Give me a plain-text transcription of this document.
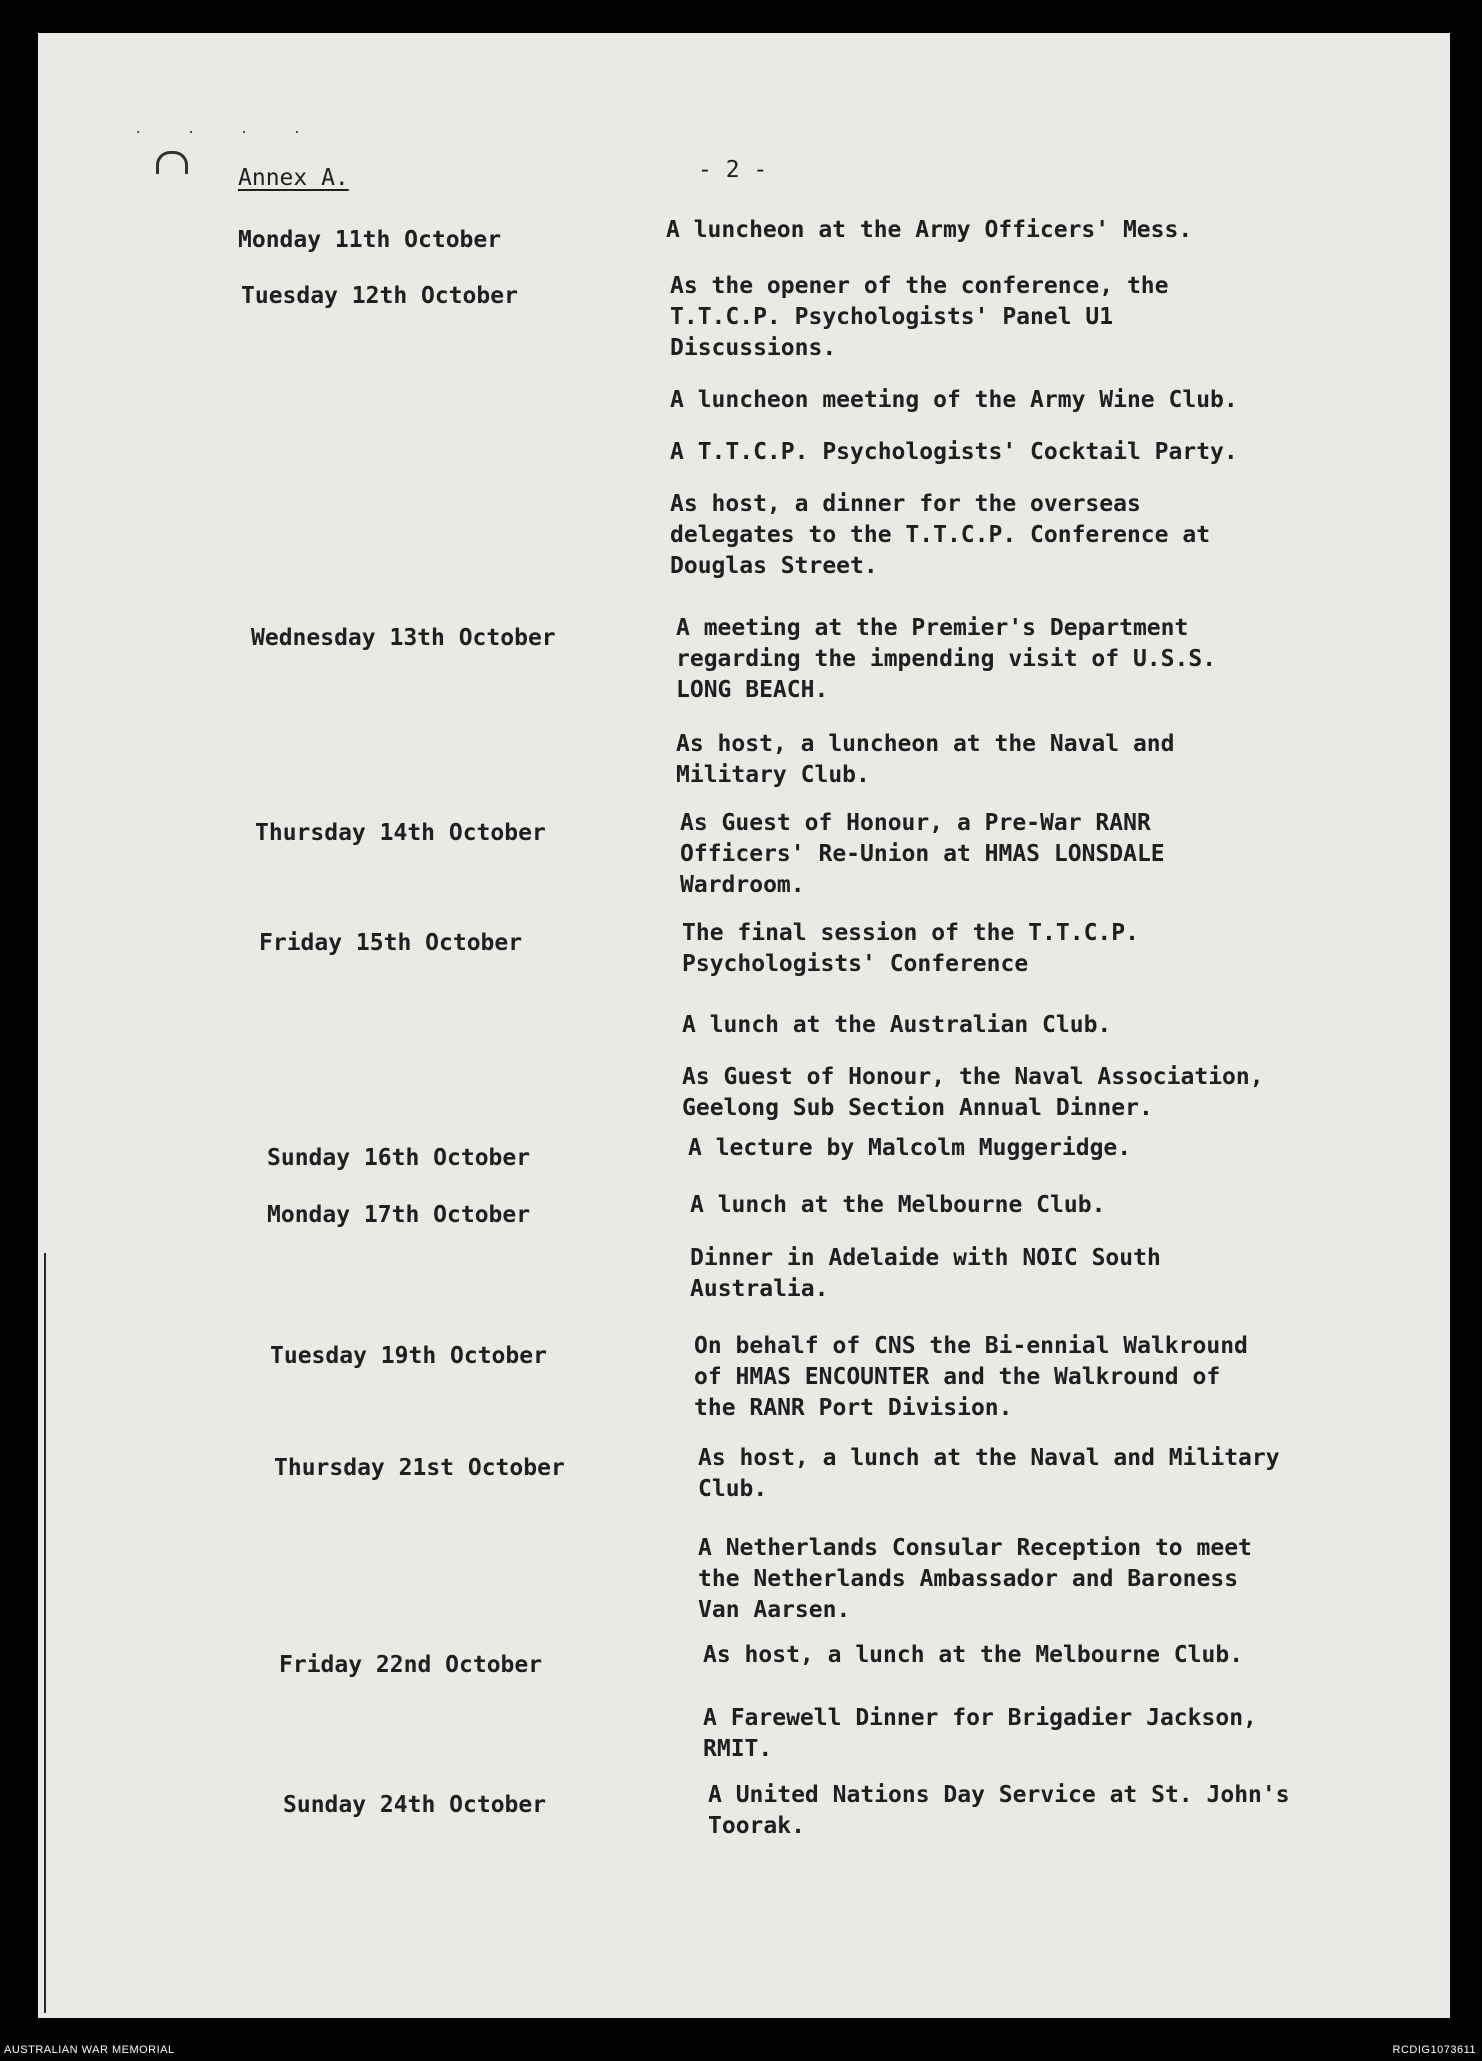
. . . .
Annex A.	- 2 -
Monday 11th October	A luncheon at the Army Officers' Mess.
Tuesday 12th October	As the opener of the conference, the
T.T.C.P. Psychologists' Panel U1
Discussions.
A luncheon meeting of the Army Wine Club.
A T.T.C.P. Psychologists' Cocktail Party.
As host, a dinner for the overseas
delegates to the T.T.C.P. Conference at
Douglas Street.
Wednesday 13th October	A meeting at the Premier's Department
regarding the impending visit of U.S.S.
LONG BEACH.
As host, a luncheon at the Naval and
Military Club.
Thursday 14th October	As Guest of Honour, a Pre-War RANR
Officers' Re-Union at HMAS LONSDALE
Wardroom.
Friday 15th October	The final session of the T.T.C.P.
Psychologists' Conference
A lunch at the Australian Club.
As Guest of Honour, the Naval Association,
Geelong Sub Section Annual Dinner.
Sunday 16th October	A lecture by Malcolm Muggeridge.
Monday 17th October	A lunch at the Melbourne Club.
Dinner in Adelaide with NOIC South
Australia.
Tuesday 19th October	On behalf of CNS the Bi-ennial Walkround
of HMAS ENCOUNTER and the Walkround of
the RANR Port Division.
Thursday 21st October	As host, a lunch at the Naval and Military
Club.
A Netherlands Consular Reception to meet
the Netherlands Ambassador and Baroness
Van Aarsen.
Friday 22nd October	As host, a lunch at the Melbourne Club.
A Farewell Dinner for Brigadier Jackson,
RMIT.
Sunday 24th October	A United Nations Day Service at St. John's
Toorak.
AUSTRALIAN WAR MEMORIAL	RCDIG1073611
